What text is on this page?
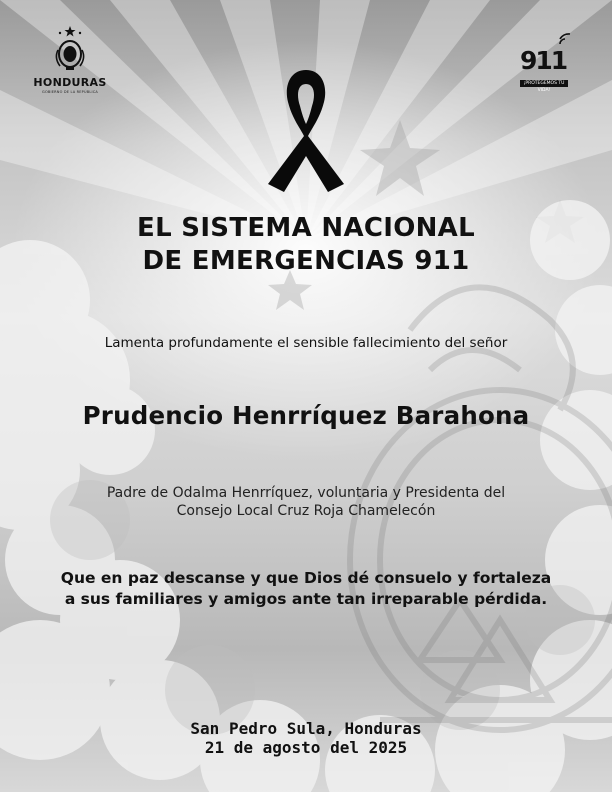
HONDURAS
GOBIERNO DE LA REPÚBLICA
911
¡PROTEGEMOS TU VIDA!
EL SISTEMA NACIONAL
DE EMERGENCIAS 911
Lamenta profundamente el sensible fallecimiento del señor
Prudencio Henrríquez Barahona
Padre de Odalma Henrríquez, voluntaria y Presidenta del
Consejo Local Cruz Roja Chamelecón
Que en paz descanse y que Dios dé consuelo y fortaleza
a sus familiares y amigos ante tan irreparable pérdida.
San Pedro Sula, Honduras
21 de agosto del 2025
